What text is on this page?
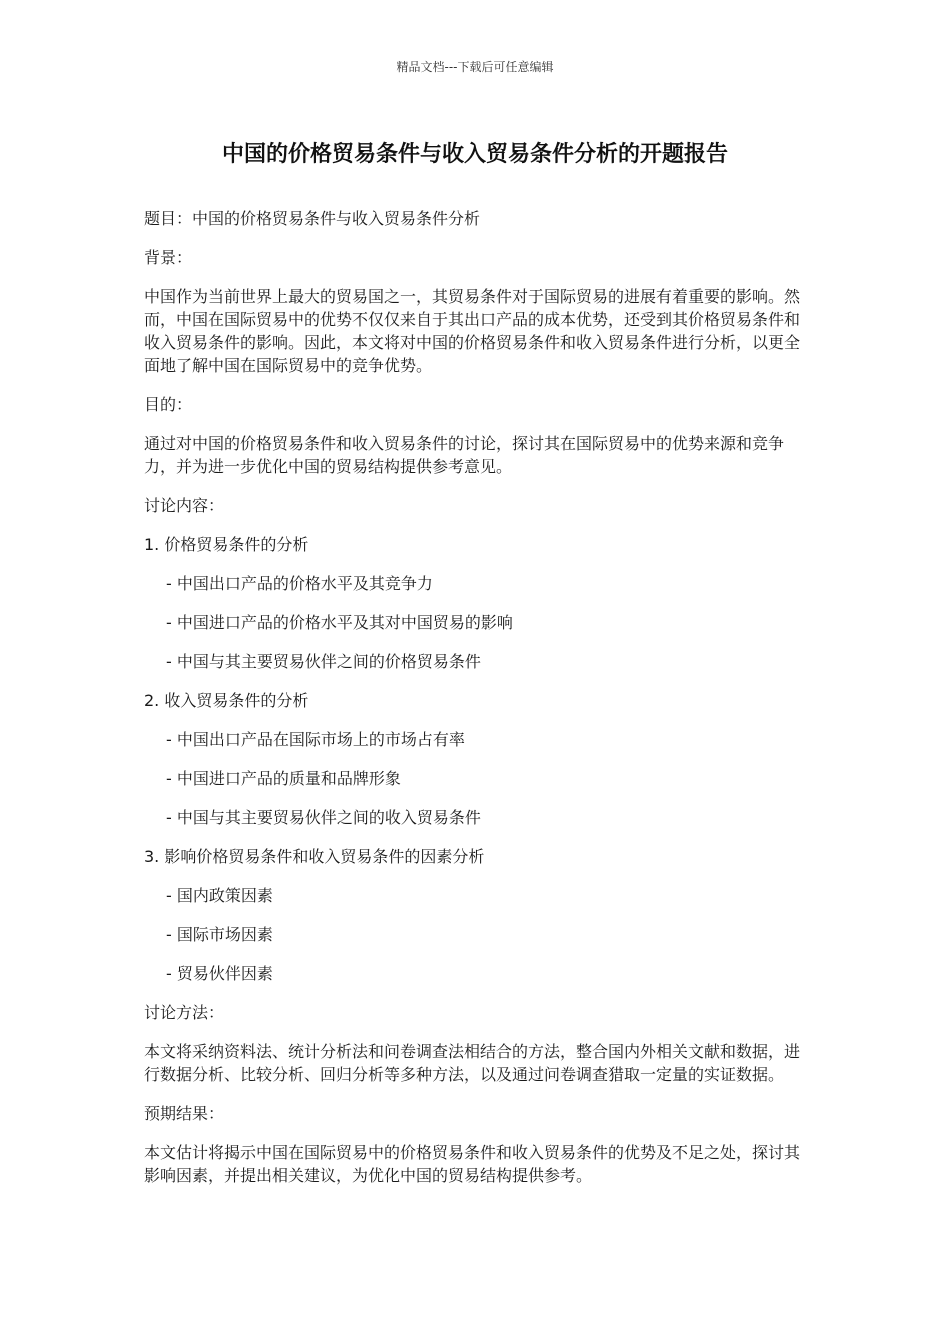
精品文档---下载后可任意编辑
中国的价格贸易条件与收入贸易条件分析的开题报告

题目：中国的价格贸易条件与收入贸易条件分析

背景：

中国作为当前世界上最大的贸易国之一，其贸易条件对于国际贸易的进展有着重要的影响。然而，中国在国际贸易中的优势不仅仅来自于其出口产品的成本优势，还受到其价格贸易条件和收入贸易条件的影响。因此，本文将对中国的价格贸易条件和收入贸易条件进行分析，以更全面地了解中国在国际贸易中的竞争优势。

目的：

通过对中国的价格贸易条件和收入贸易条件的讨论，探讨其在国际贸易中的优势来源和竞争力，并为进一步优化中国的贸易结构提供参考意见。

讨论内容：

1. 价格贸易条件的分析

- 中国出口产品的价格水平及其竞争力

- 中国进口产品的价格水平及其对中国贸易的影响

- 中国与其主要贸易伙伴之间的价格贸易条件

2. 收入贸易条件的分析

- 中国出口产品在国际市场上的市场占有率

- 中国进口产品的质量和品牌形象

- 中国与其主要贸易伙伴之间的收入贸易条件

3. 影响价格贸易条件和收入贸易条件的因素分析

- 国内政策因素

- 国际市场因素

- 贸易伙伴因素

讨论方法：

本文将采纳资料法、统计分析法和问卷调查法相结合的方法，整合国内外相关文献和数据，进行数据分析、比较分析、回归分析等多种方法，以及通过问卷调查猎取一定量的实证数据。

预期结果：

本文估计将揭示中国在国际贸易中的价格贸易条件和收入贸易条件的优势及不足之处，探讨其影响因素，并提出相关建议，为优化中国的贸易结构提供参考。
